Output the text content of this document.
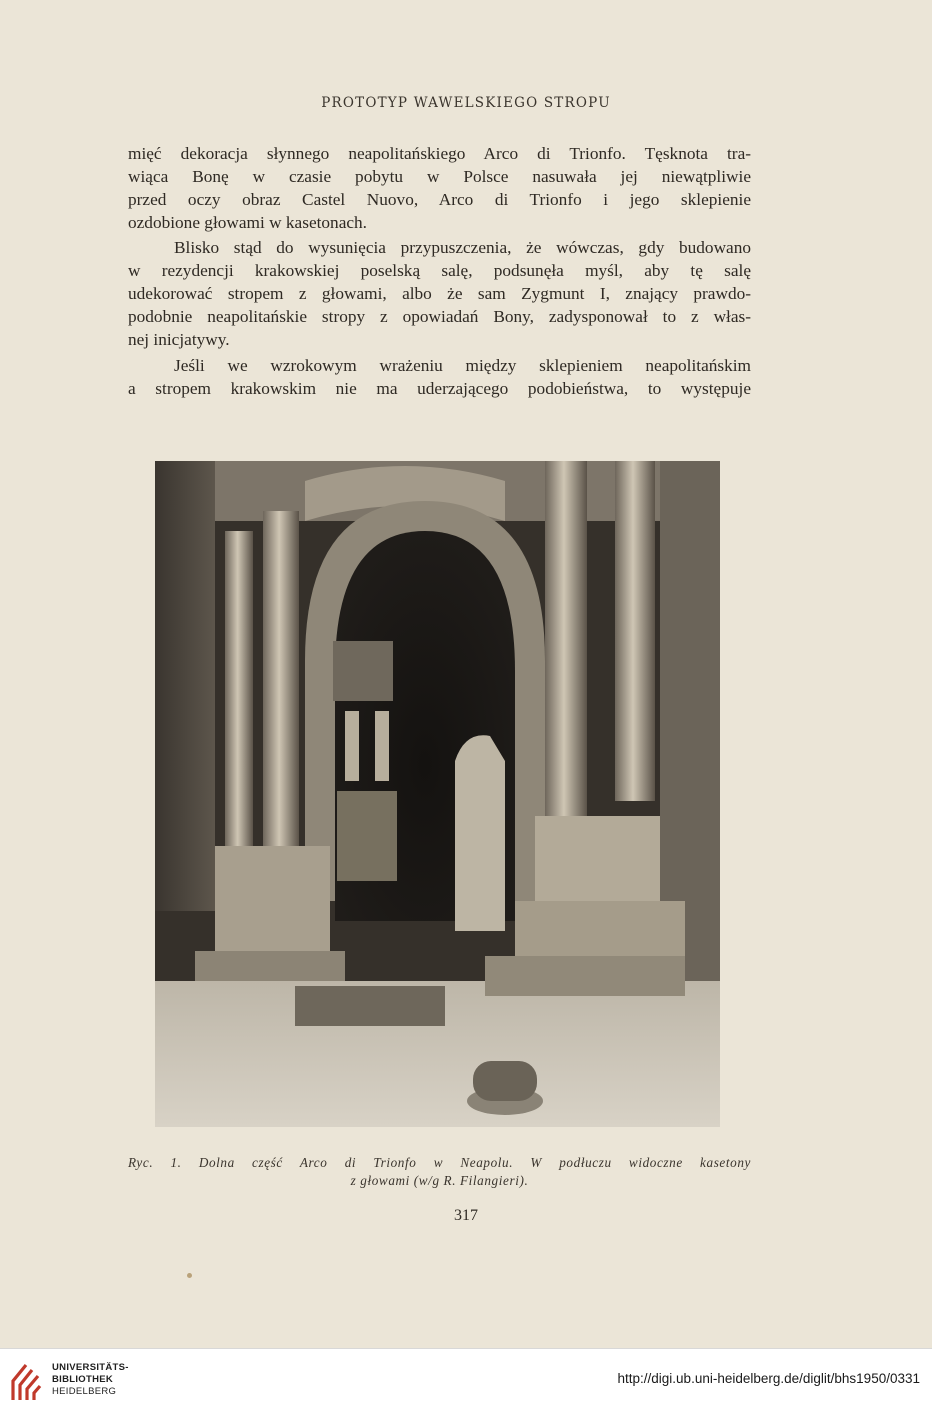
PROTOTYP WAWELSKIEGO STROPU

mięć dekoracja słynnego neapolitańskiego Arco di Trionfo. Tęsknota tra-

wiąca Bonę w czasie pobytu w Polsce nasuwała jej niewątpliwie

przed oczy obraz Castel Nuovo, Arco di Trionfo i jego sklepienie

ozdobione głowami w kasetonach.

Blisko stąd do wysunięcia przypuszczenia, że wówczas, gdy budowano

w rezydencji krakowskiej poselską salę, podsunęła myśl, aby tę salę

udekorować stropem z głowami, albo że sam Zygmunt I, znający prawdo-

podobnie neapolitańskie stropy z opowiadań Bony, zadysponował to z włas-

nej inicjatywy.

Jeśli we wzrokowym wrażeniu między sklepieniem neapolitańskim

a stropem krakowskim nie ma uderzającego podobieństwa, to występuje

Ryc. 1. Dolna część Arco di Trionfo w Neapolu. W podłuczu widoczne kasetony
z głowami (w/g R. Filangieri).
317
UNIVERSITÄTS-
BIBLIOTHEK
HEIDELBERG
http://digi.ub.uni-heidelberg.de/diglit/bhs1950/0331
